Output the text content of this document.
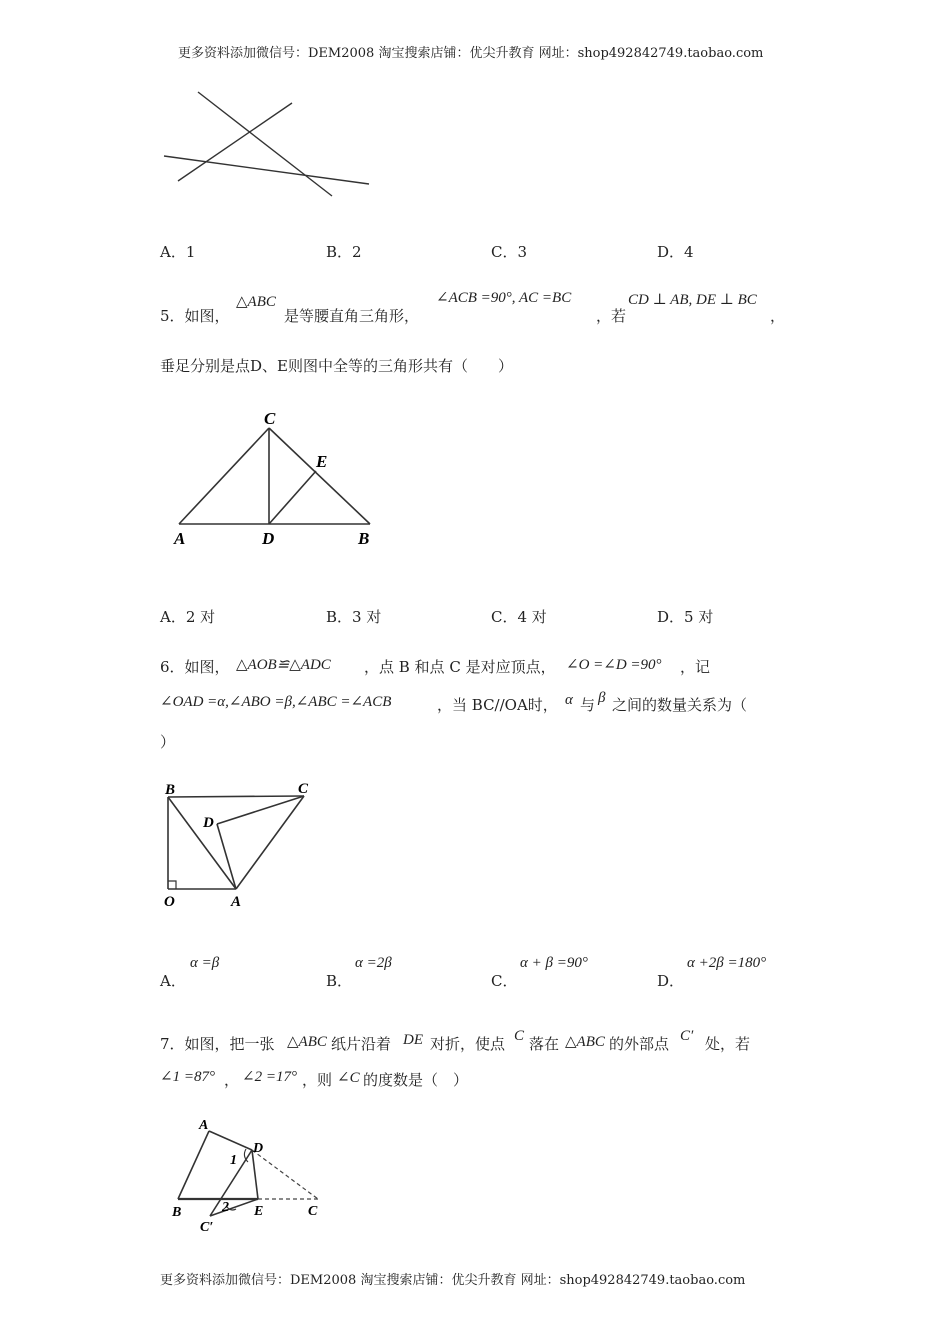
更多资料添加微信号：DEM2008 淘宝搜索店铺：优尖升教育 网址：shop492842749.taobao.com
A．1	B．2	C．3	D．4
5．如图，
△ABC
是等腰直角三角形，
∠ACB =90°, AC =BC
，若
CD ⊥ AB, DE ⊥ BC
，
垂足分别是点D、E则图中全等的三角形共有（　　）
C
E
A	D	B
A．2 对	B．3 对	C．4 对	D．5 对
6．如图， △AOB≌△ADC ，点 B 和点 C 是对应顶点， ∠O =∠D =90° ，记
∠OAD =α,∠ABO =β,∠ABC =∠ACB	，当 BC//OA时， α 与 β 之间的数量关系为（
）
B	C
D
O	A
A．
α =β
B．
α =2β
C．
α + β =90°
D．
α +2β =180°
7．如图，把一张 △ABC 纸片沿着 DE 对折，使点 C 落在 △ABC 的外部点 C′ 处，若
∠1 =87° ， ∠2 =17° ，则 ∠C 的度数是（　）
A
D
1
2
B
C′
E	C
更多资料添加微信号：DEM2008 淘宝搜索店铺：优尖升教育 网址：shop492842749.taobao.com
